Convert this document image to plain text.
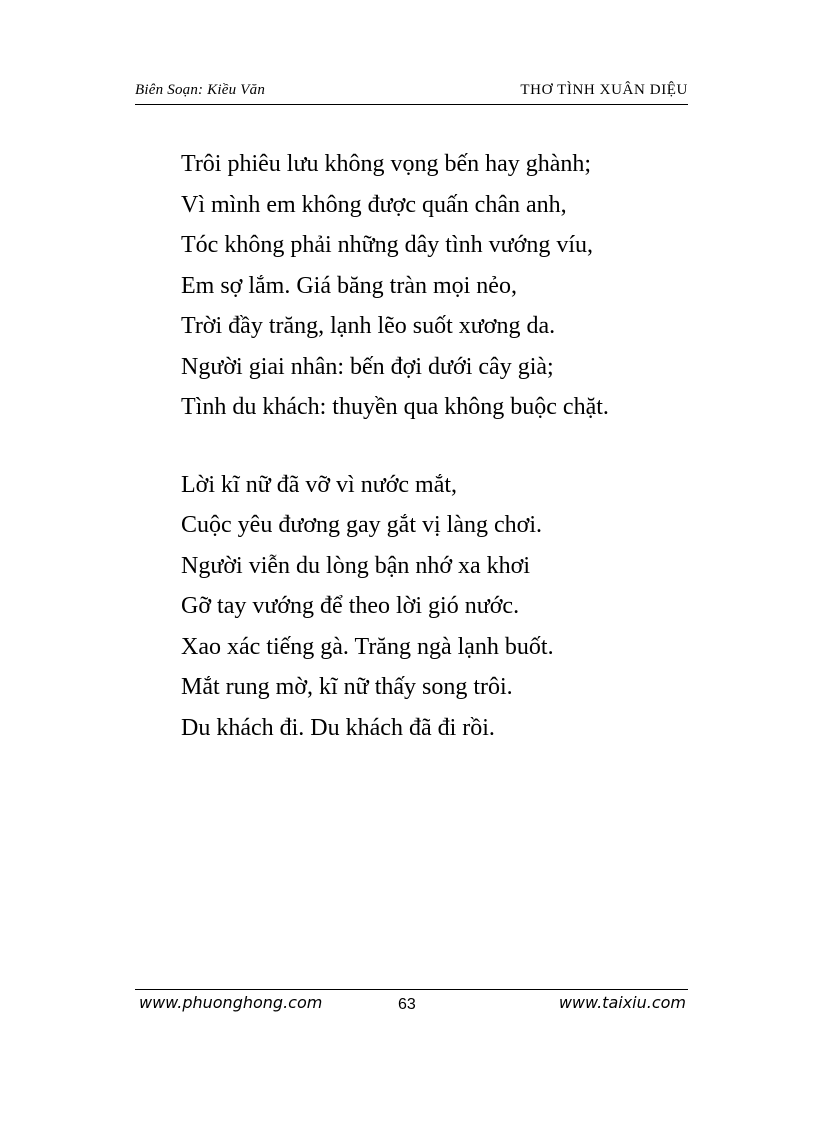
Biên Soạn: Kiều Văn	THƠ TÌNH XUÂN DIỆU
Trôi phiêu lưu không vọng bến hay ghành;
Vì mình em không được quấn chân anh,
Tóc không phải những dây tình vướng víu,
Em sợ lắm. Giá băng tràn mọi nẻo,
Trời đầy trăng, lạnh lẽo suốt xương da.
Người giai nhân: bến đợi dưới cây già;
Tình du khách: thuyền qua không buộc chặt.
Lời kĩ nữ đã vỡ vì nước mắt,
Cuộc yêu đương gay gắt vị làng chơi.
Người viễn du lòng bận nhớ xa khơi
Gỡ tay vướng để theo lời gió nước.
Xao xác tiếng gà. Trăng ngà lạnh buốt.
Mắt rung mờ, kĩ nữ thấy song trôi.
Du khách đi. Du khách đã đi rồi.
www.phuonghong.com	63	www.taixiu.com
